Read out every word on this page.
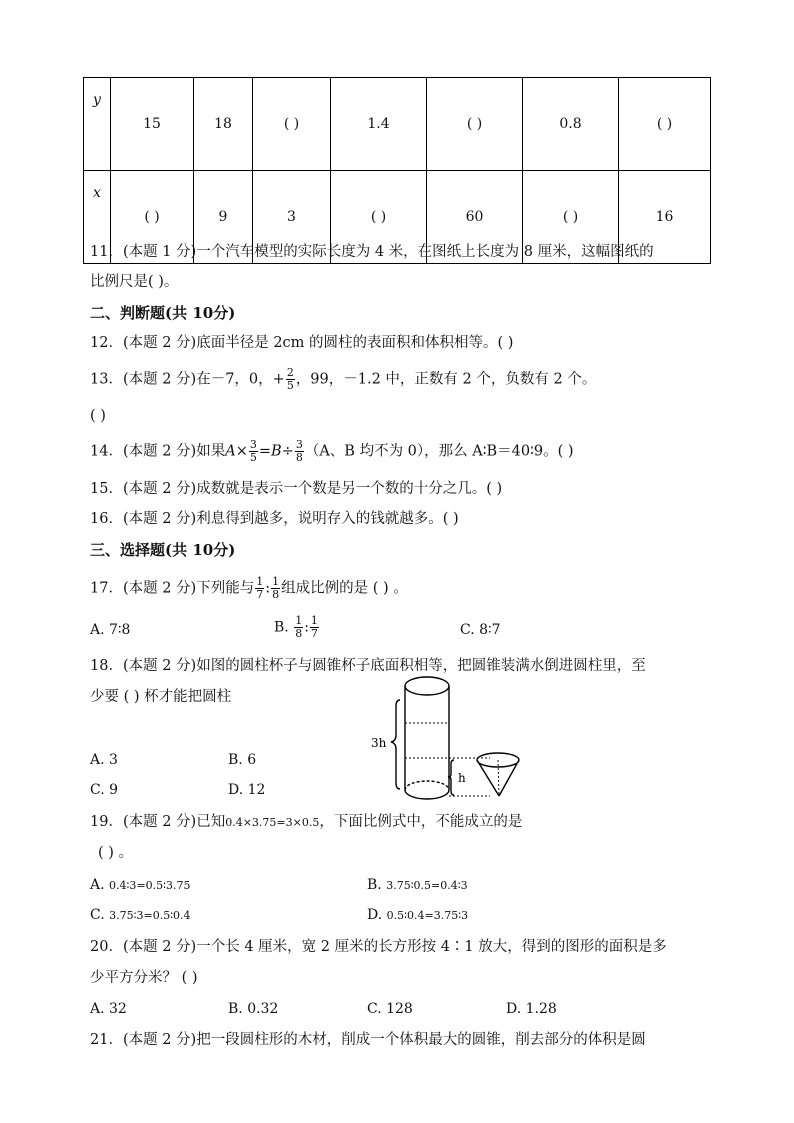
y	15	18	( )	1.4	( )	0.8	( )
x	( )	9	3	( )	60	( )	16
11．(本题 1 分)一个汽车模型的实际长度为 4 米，在图纸上长度为 8 厘米，这幅图纸的
比例尺是( )。
二、判断题(共 10分)
12．(本题 2 分)底面半径是 2cm 的圆柱的表面积和体积相等。( )
13．(本题 2 分)在－7，0，+ $\frac{2}{5}$ ，99，－1.2 中，正数有 2 个，负数有 2 个。
( )
14．(本题 2 分)如果$A\times \frac{3}{5} =B\div \frac{3}{8} (A$、B 均不为 0），那么 A∶B＝40∶9。( )
15．(本题 2 分)成数就是表示一个数是另一个数的十分之几。( )
16．(本题 2 分)利息得到越多，说明存入的钱就越多。( )
三、选择题(共 10分)
17．(本题 2 分)下列能与 $\frac{1}{7}$ : $\frac{1}{8}$ 组成比例的是 ( ) 。
A. 7∶8	B. $\frac{1}{8}$ : $\frac{1}{7}$	C. 8∶7
18．(本题 2 分)如图的圆柱杯子与圆锥杯子底面积相等，把圆锥装满水倒进圆柱里，至
少要 ( ) 杯才能把圆柱
A. 3	B. 6
C. 9	D. 12
3h
h
19．(本题 2 分)已知0.4×3.75=3×0.5，下面比例式中，不能成立的是
( ) 。
A. 0.4∶3=0.5∶3.75	B. 3.75∶0.5=0.4∶3
C. 3.75∶3=0.5∶0.4	D. 0.5∶0.4=3.75∶3
20．(本题 2 分)一个长 4 厘米，宽 2 厘米的长方形按 4∶1 放大，得到的图形的面积是多
少平方分米？ ( )
A. 32	B. 0.32	C. 128	D. 1.28
21．(本题 2 分)把一段圆柱形的木材，削成一个体积最大的圆锥，削去部分的体积是圆
